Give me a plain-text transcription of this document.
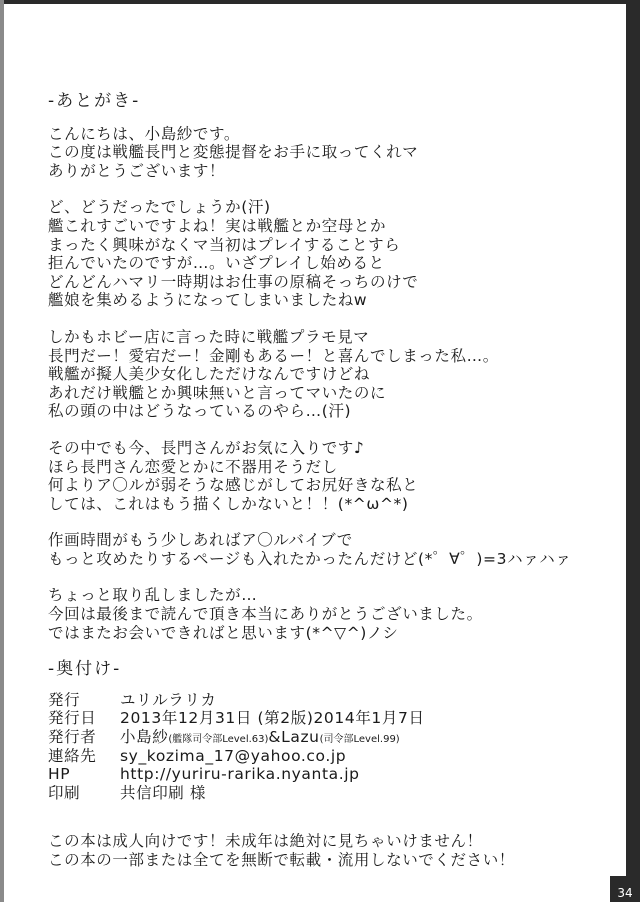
-あとがき-
こんにちは、小島紗です。
この度は戦艦長門と変態提督をお手に取ってくれマ
ありがとうございます！
ど、どうだったでしょうか(汗)
艦これすごいですよね！実は戦艦とか空母とか
まったく興味がなくマ当初はプレイすることすら
拒んでいたのですが…。いざプレイし始めると
どんどんハマリ一時期はお仕事の原稿そっちのけで
艦娘を集めるようになってしまいましたねw
しかもホビー店に言った時に戦艦プラモ見マ
長門だー！愛宕だー！金剛もあるー！と喜んでしまった私…。
戦艦が擬人美少女化しただけなんですけどね
あれだけ戦艦とか興味無いと言ってマいたのに
私の頭の中はどうなっているのやら…(汗)
その中でも今、長門さんがお気に入りです♪
ほら長門さん恋愛とかに不器用そうだし
何よりア〇ルが弱そうな感じがしてお尻好きな私と
しては、これはもう描くしかないと！！(*^ω^*)
作画時間がもう少しあればア〇ルバイブで
もっと攻めたりするページも入れたかったんだけど(*゜∀゜)=3ハァハァ
ちょっと取り乱しましたが…
今回は最後まで読んで頂き本当にありがとうございました。
ではまたお会いできればと思います(*^▽^)ノシ
-奥付け-
発行	ユリルラリカ
発行日	2013年12月31日 (第2版)2014年1月7日
発行者	小島紗(艦隊司令部Level.63)&Lazu(司令部Level.99)
連絡先	sy_kozima_17@yahoo.co.jp
HP	http://yuriru-rarika.nyanta.jp
印刷	共信印刷 様
この本は成人向けです！未成年は絶対に見ちゃいけません！
この本の一部または全てを無断で転載・流用しないでください！
34
